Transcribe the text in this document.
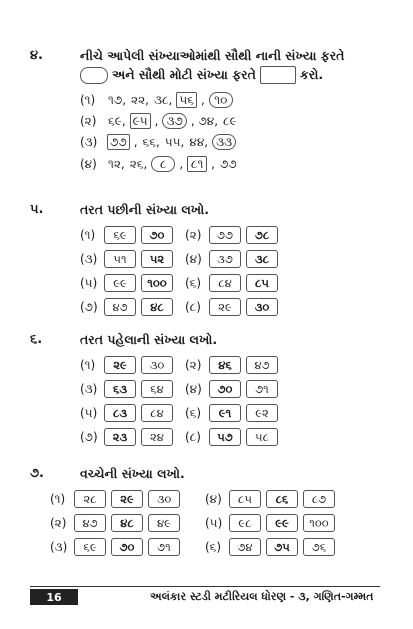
૪.	નીચે આપેલી સંખ્યાઓમાંથી સૌથી નાની સંખ્યા ફરતે
અને સૌથી મોટી સંખ્યા ફરતે	કરો.
(૧)	૧૭, ૨૨, ૩૮, ૫૬ , ૧૦
(૨) ૬૯, ૯૫ , ૩૭ , ૭૪, ૮૯
(૩)	૭૭ , ૬૬, ૫૫, ૪૪, ૩૩
(૪) ૧૨, ૨૬,	૮	, ૮૧ , ૭૭
૫.	તરત પછીની સંખ્યા લખો.
(૧)	૬૯	૭૦	(૨)	૭૭	૭૮
(૩)	૫૧	૫૨	(૪)	૩૭	૩૮
(૫)	૯૯	૧૦૦	(૬)	૮૪	૮૫
(૭)	૪૭	૪૮	(૮)	૨૯	૩૦
૬.	તરત પહેલાની સંખ્યા લખો.
(૧)	૨૯	૩૦	(૨)	૪૬	૪૭
(૩)	૬૩	૬૪	(૪)	૭૦	૭૧
(૫)	૮૩	૮૪	(૬)	૯૧	૯૨
(૭)	૨૩	૨૪	(૮)	૫૭	૫૮
૭.	વચ્ચેની સંખ્યા લખો.
(૧)	૨૮	૨૯	૩૦	(૪)	૮૫	૮૬	૮૭
(૨)	૪૭	૪૮	૪૯	(૫)	૯૮	૯૯	૧૦૦
(૩)	૬૯	૭૦	૭૧	(૬)	૭૪	૭૫	૭૬
16	અલંકાર સ્ટડી મટીરિયલ ધોરણ - ૩, ગણિત-ગમ્મત
